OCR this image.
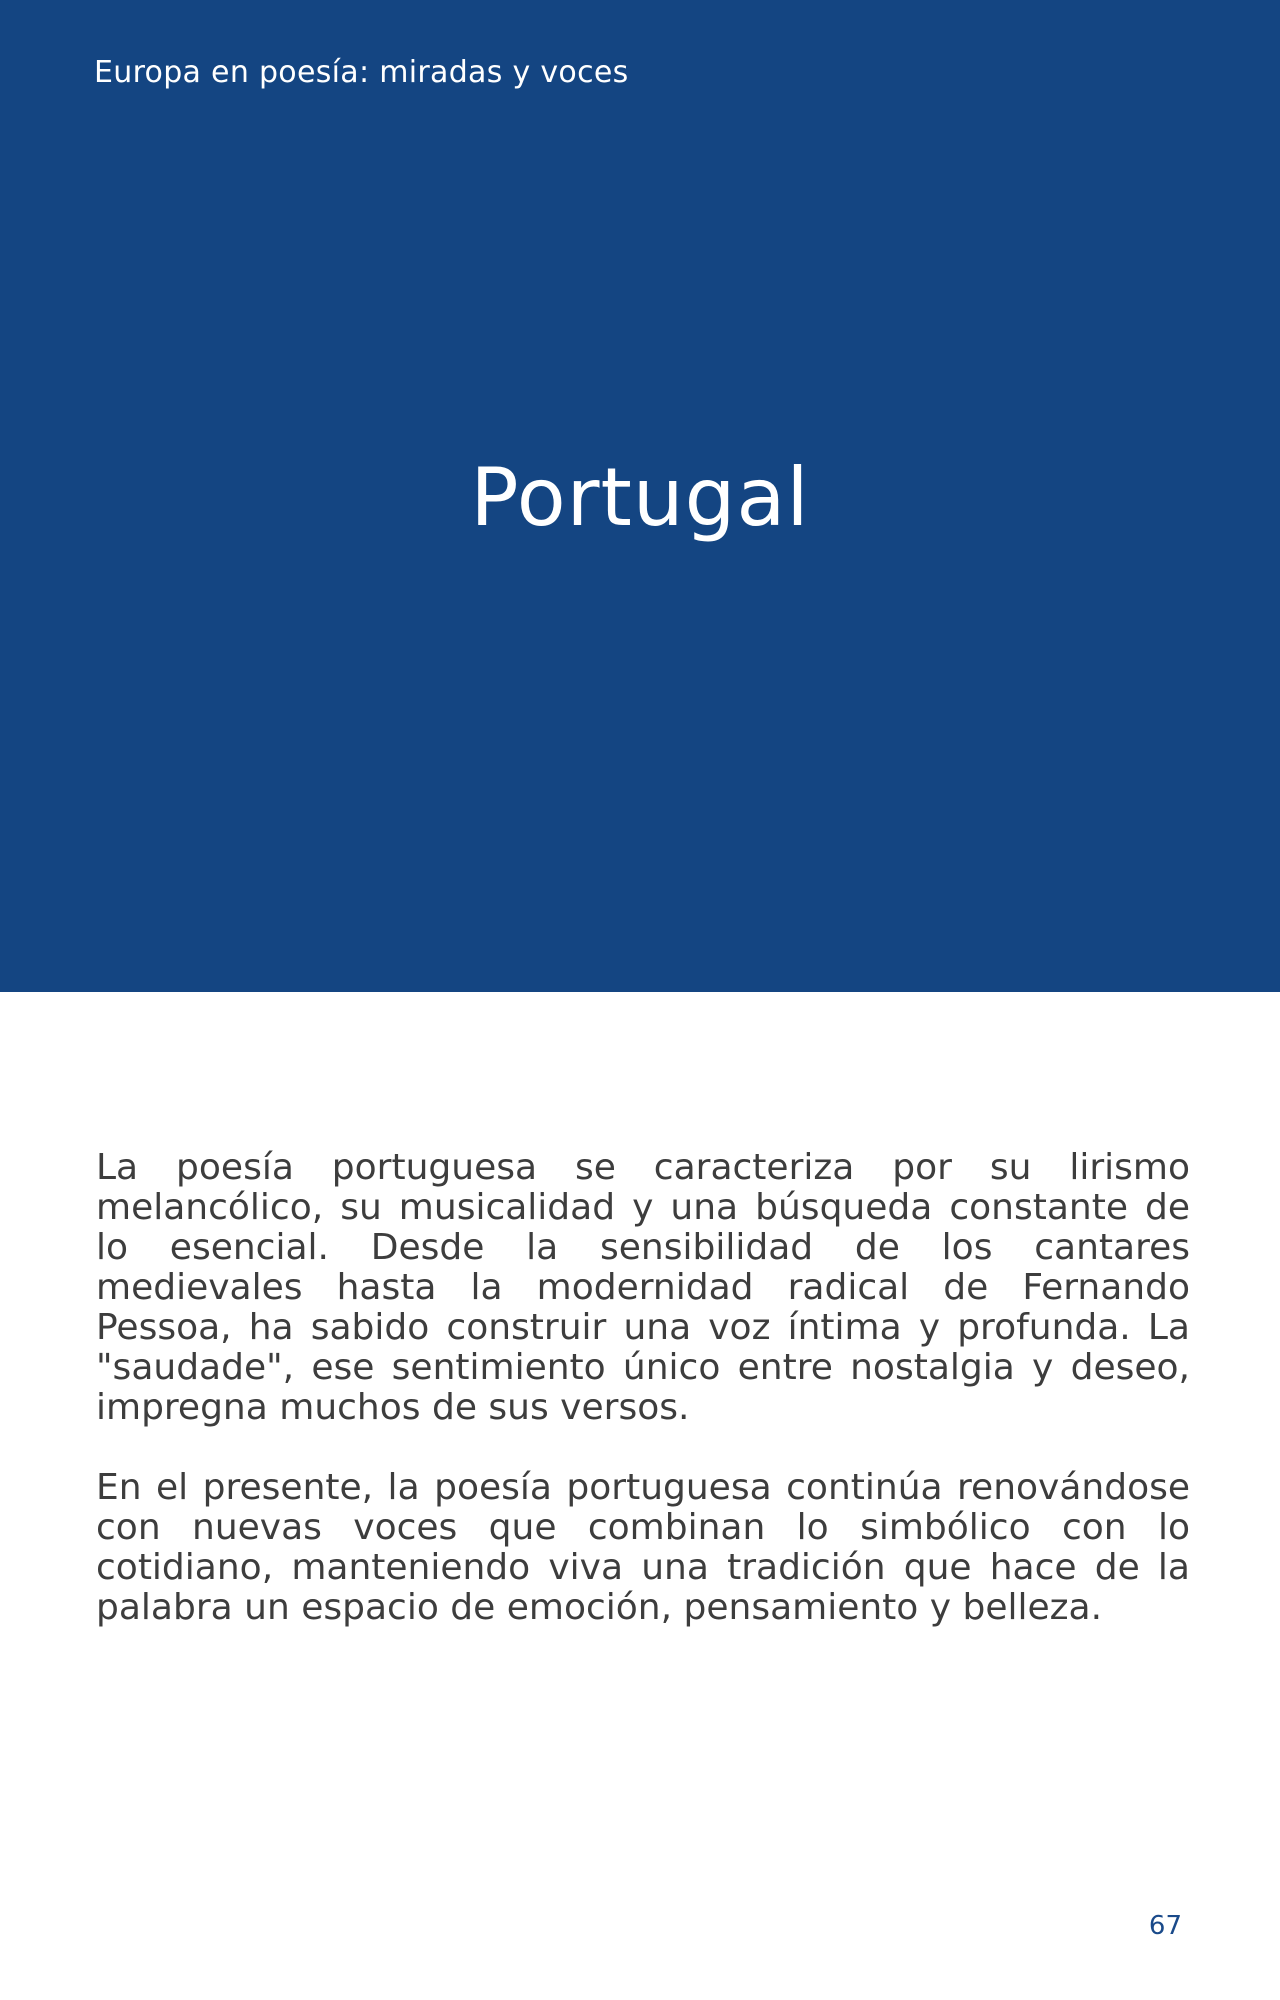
Europa en poesía: miradas y voces
Portugal

La poesía portuguesa se caracteriza por su lirismo melancólico, su musicalidad y una búsqueda constante de lo esencial. Desde la sensibilidad de los cantares medievales hasta la modernidad radical de Fernando Pessoa, ha sabido construir una voz íntima y profunda. La "saudade", ese sentimiento único entre nostalgia y deseo, impregna muchos de sus versos.

En el presente, la poesía portuguesa continúa renovándose con nuevas voces que combinan lo simbólico con lo cotidiano, manteniendo viva una tradición que hace de la palabra un espacio de emoción, pensamiento y belleza.

67
